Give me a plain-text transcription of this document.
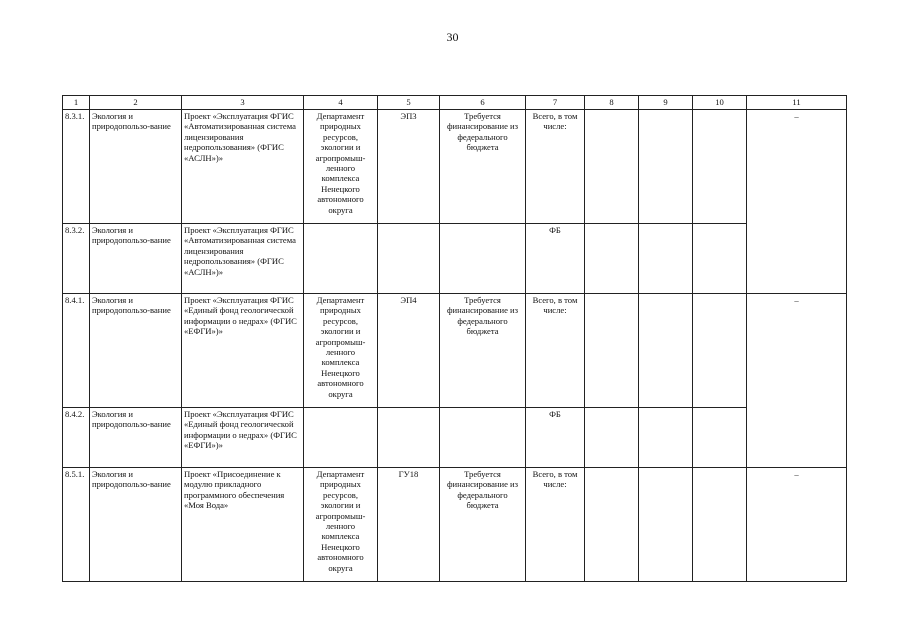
30
1	2	3	4	5	6	7	8	9	10	11
8.3.1.	Экология и природопользо-вание	Проект «Эксплуатация ФГИС «Автоматизированная система лицензирования недропользования» (ФГИС «АСЛН»)»	Департамент природных ресурсов, экологии и агропромыш-ленного комплекса Ненецкого автономного округа	ЭП3	Требуется финансирование из федерального бюджета	Всего, в том числе:				–
8.3.2.	Экология и природопользо-вание	Проект «Эксплуатация ФГИС «Автоматизированная система лицензирования недропользования» (ФГИС «АСЛН»)»				ФБ				
8.4.1.	Экология и природопользо-вание	Проект «Эксплуатация ФГИС «Единый фонд геологической информации о недрах» (ФГИС «ЕФГИ»)»	Департамент природных ресурсов, экологии и агропромыш-ленного комплекса Ненецкого автономного округа	ЭП4	Требуется финансирование из федерального бюджета	Всего, в том числе:				–
8.4.2.	Экология и природопользо-вание	Проект «Эксплуатация ФГИС «Единый фонд геологической информации о недрах» (ФГИС «ЕФГИ»)»				ФБ				
8.5.1.	Экология и природопользо-вание	Проект «Присоединение к модулю прикладного программного обеспечения «Моя Вода»	Департамент природных ресурсов, экологии и агропромыш-ленного комплекса Ненецкого автономного округа	ГУ18	Требуется финансирование из федерального бюджета	Всего, в том числе:				–
